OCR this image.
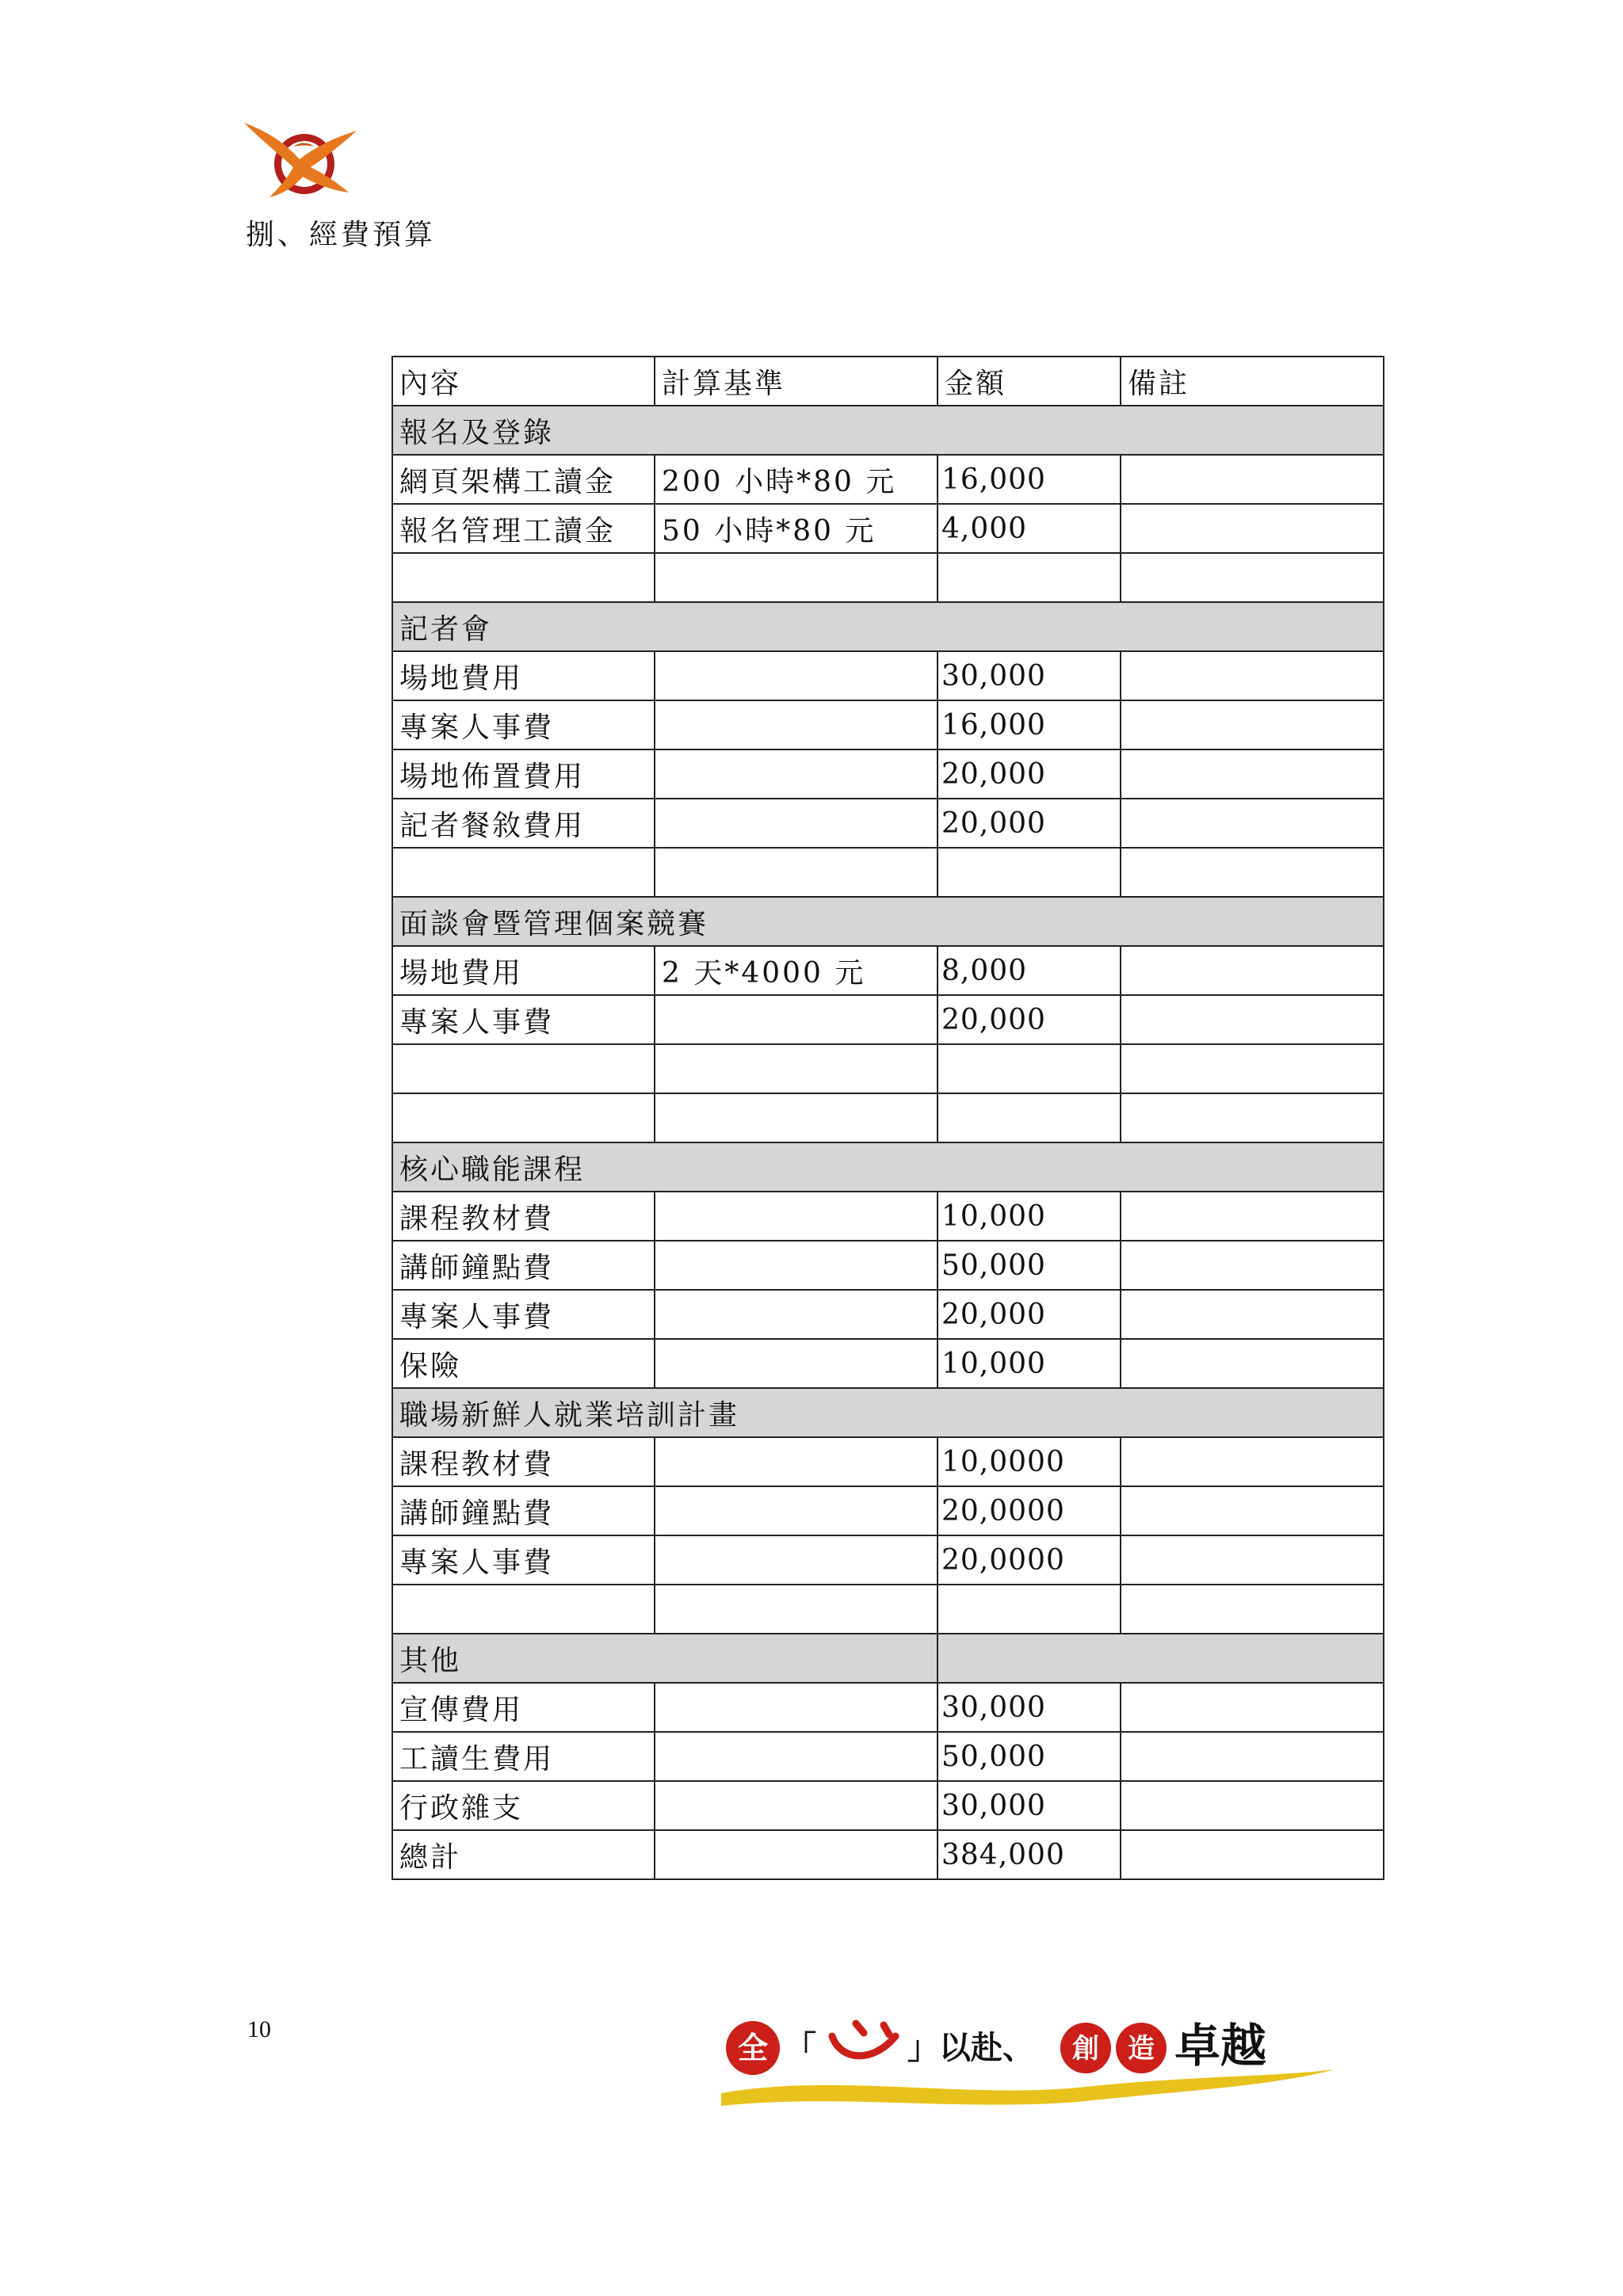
捌、經費預算
內容	計算基準	金額	備註
報名及登錄			
網頁架構工讀金	200 小時*80 元	16,000	
報名管理工讀金	50 小時*80 元	4,000	

記者會			
場地費用		30,000	
專案人事費		16,000	
場地佈置費用		20,000	
記者餐敘費用		20,000	

面談會暨管理個案競賽			
場地費用	2 天*4000 元	8,000	
專案人事費		20,000	

核心職能課程			
課程教材費		10,000	
講師鐘點費		50,000	
專案人事費		20,000	
保險		10,000	
職場新鮮人就業培訓計畫			
課程教材費		10,0000	
講師鐘點費		20,0000	
專案人事費		20,0000	

其他			
宣傳費用		30,000	
工讀生費用		50,000	
行政雜支		30,000	
總計		384,000	
10
全 「	」以赴、 創 造 卓越
